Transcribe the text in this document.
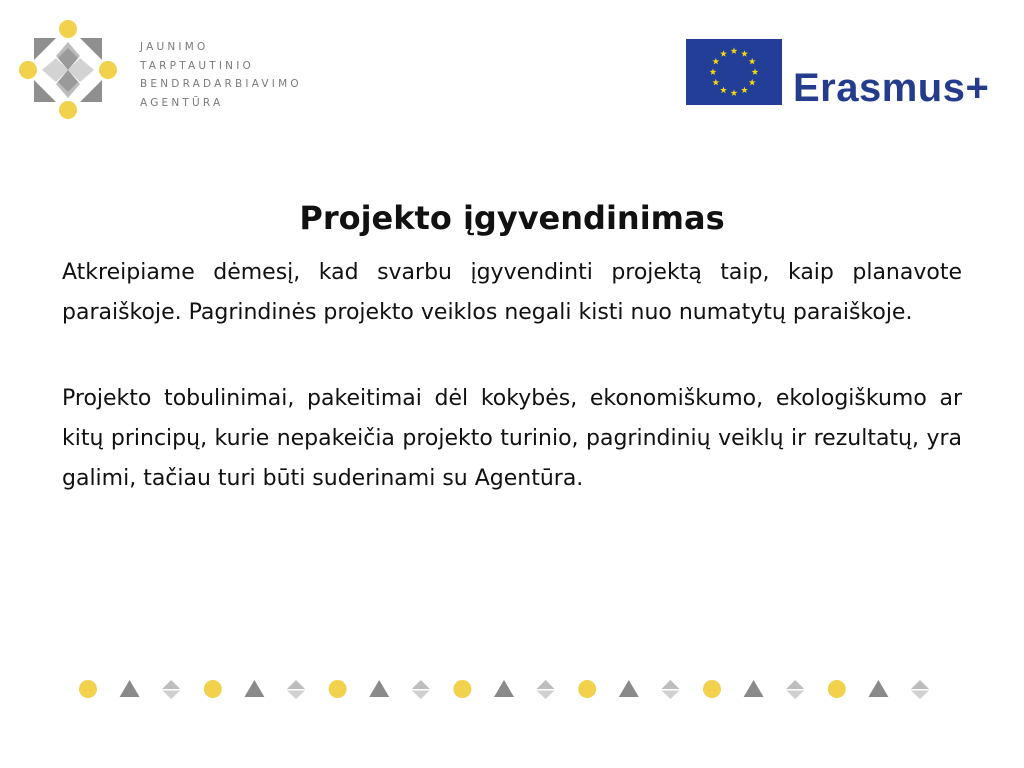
JAUNIMO
TARPTAUTINIO
BENDRADARBIAVIMO
AGENTŪRA	Erasmus+
Projekto įgyvendinimas

Atkreipiame dėmesį, kad svarbu įgyvendinti projektą taip, kaip planavote paraiškoje. Pagrindinės projekto veiklos negali kisti nuo numatytų paraiškoje.

Projekto tobulinimai, pakeitimai dėl kokybės, ekonomiškumo, ekologiškumo ar kitų principų, kurie nepakeičia projekto turinio, pagrindinių veiklų ir rezultatų, yra galimi, tačiau turi būti suderinami su Agentūra.
